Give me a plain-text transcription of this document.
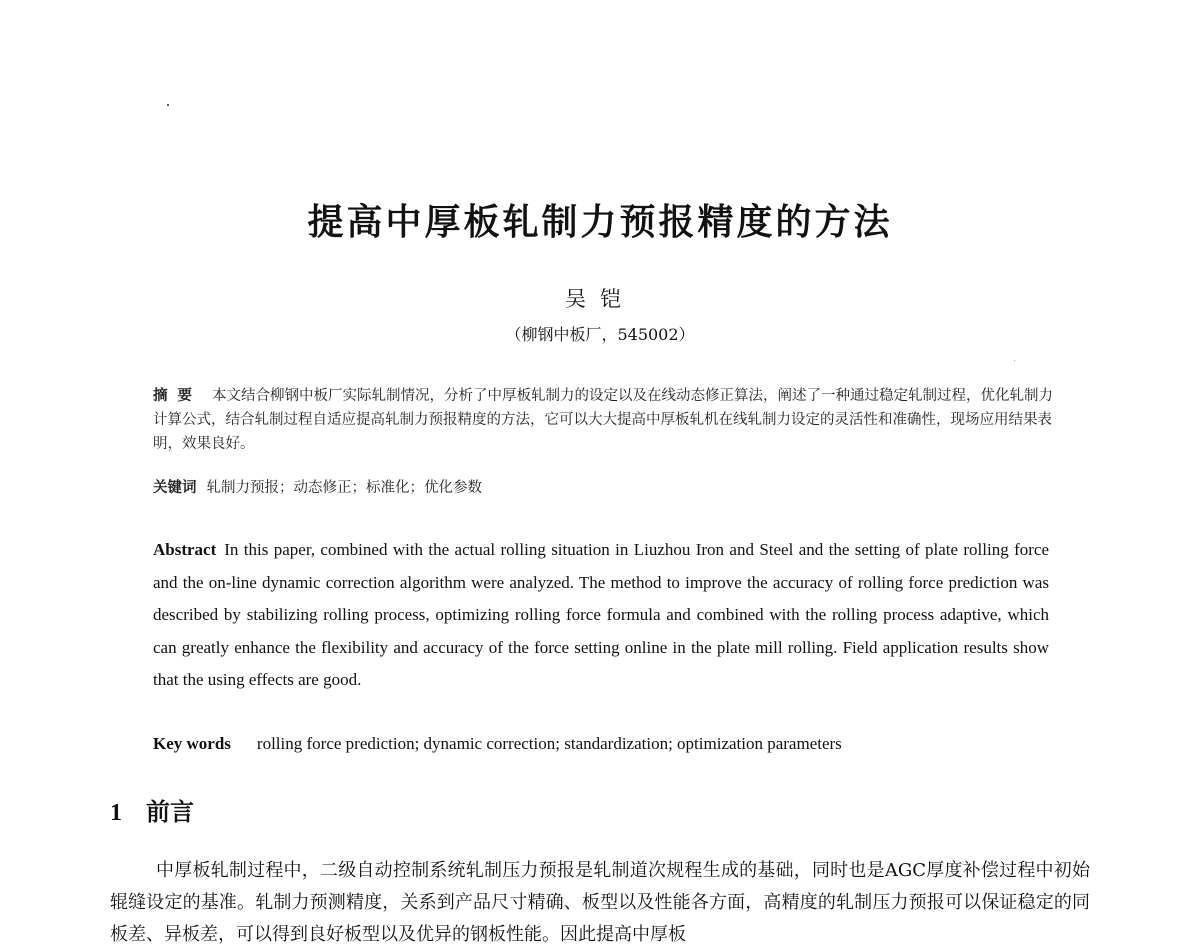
提高中厚板轧制力预报精度的方法
吴铠
（柳钢中板厂，545002）
摘要 本文结合柳钢中板厂实际轧制情况，分析了中厚板轧制力的设定以及在线动态修正算法，阐述了一种通过稳定轧制过程，优化轧制力计算公式，结合轧制过程自适应提高轧制力预报精度的方法，它可以大大提高中厚板轧机在线轧制力设定的灵活性和准确性，现场应用结果表明，效果良好。
关键词 轧制力预报；动态修正；标准化；优化参数
Abstract In this paper, combined with the actual rolling situation in Liuzhou Iron and Steel and the setting of plate rolling force and the on-line dynamic correction algorithm were analyzed. The method to improve the accuracy of rolling force prediction was described by stabilizing rolling process, optimizing rolling force formula and combined with the rolling process adaptive, which can greatly enhance the flexibility and accuracy of the force setting online in the plate mill rolling. Field application results show that the using effects are good.
Key words rolling force prediction; dynamic correction; standardization; optimization parameters
1 前言
中厚板轧制过程中，二级自动控制系统轧制压力预报是轧制道次规程生成的基础，同时也是AGC厚度补偿过程中初始辊缝设定的基准。轧制力预测精度，关系到产品尺寸精确、板型以及性能各方面，高精度的轧制压力预报可以保证稳定的同板差、异板差，可以得到良好板型以及优异的钢板性能。因此提高中厚板
